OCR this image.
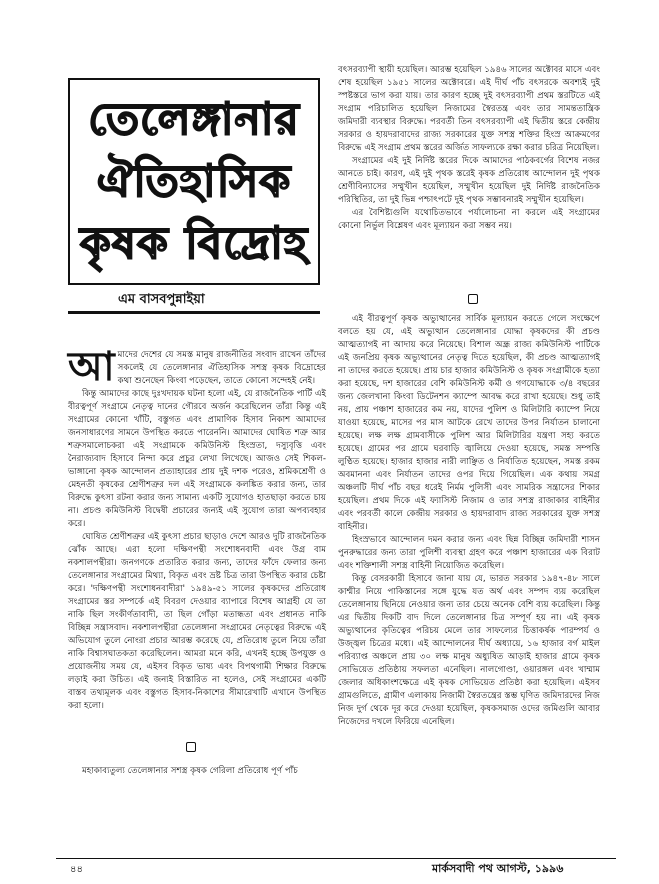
তেলেঙ্গানার
ঐতিহাসিক
কৃষক বিদ্রোহ
এম বাসবপুন্নাইয়া

আমাদের দেশের যে সমস্ত মানুষ রাজনীতির সংবাদ রাখেন তাঁদের সকলেই যে তেলেঙ্গানার ঐতিহাসিক সশস্ত্র কৃষক বিদ্রোহের কথা শুনেছেন কিংবা পড়েছেন, তাতে কোনো সন্দেহই নেই।

কিন্তু আমাদের কাছে দুঃখদায়ক ঘটনা হলো এই, যে রাজনৈতিক পার্টি এই বীরত্বপূর্ণ সংগ্রামে নেতৃত্ব দানের গৌরবে অর্জন করেছিলেন তাঁরা কিন্তু এই সংগ্রামের কোনো খাঁটি, বস্তুগত এবং প্রামাণিক হিসাব নিকাশ আমাদের জনসাধারণের সামনে উপস্থিত করতে পারেননি। আমাদের ঘোষিত শত্রু আর শত্রুসমালোচকরা এই সংগ্রামকে কমিউনিস্ট হিংস্রতা, দস্যুবৃত্তি এবং নৈরাজ্যবাদ হিসাবে নিন্দা করে প্রচুর লেখা লিখেছে। আজও সেই শিকল-ভাঙ্গানো কৃষক আন্দোলন প্রত্যাহারের প্রায় দুই দশক পরেও, শ্রমিকশ্রেণী ও মেহনতী কৃষকের শ্রেণীশত্রুর দল এই সংগ্রামকে কলঙ্কিত করার জন্য, তার বিরুদ্ধে কুৎসা রটনা করার জন্য সামান্য একটি সুযোগও হাতছাড়া করতে চায় না। প্রচণ্ড কমিউনিস্ট বিদ্বেষী প্রচারের জন্যই এই সুযোগ তারা অপব্যবহার করে।

ঘোষিত শ্রেণীশত্রুর এই কুৎসা প্রচার ছাড়াও দেশে আরও দুটি রাজনৈতিক ঝোঁক আছে। এরা হলো দক্ষিণপন্থী সংশোধনবাদী এবং উগ্র বাম নকশালপন্থীরা। জনগণকে প্রতারিত করার জন্য, তাদের ফাঁদে ফেলার জন্য তেলেঙ্গানার সংগ্রামের মিথ্যা, বিকৃত এবং ভ্রষ্ট চিত্র তারা উপস্থিত করার চেষ্টা করে। 'দক্ষিণপন্থী সংশোধনবাদীরা' ১৯৪৯-৫১ সালের কৃষকদের প্রতিরোধ সংগ্রামের স্তর সম্পর্কে এই বিবরণ দেওয়ার ব্যাপারে বিশেষ আগ্রহী যে তা নাকি ছিল সংকীর্ণতাবাদী, তা ছিল গোঁড়া মতান্ধতা এবং প্রধানত নাকি বিচ্ছিন্ন সন্ত্রাসবাদ। নকশালপন্থীরা তেলেঙ্গানা সংগ্রামের নেতৃত্বের বিরুদ্ধে এই অভিযোগ তুলে নোংরা প্রচার আরম্ভ করেছে যে, প্রতিরোধ তুলে নিয়ে তাঁরা নাকি বিশ্বাসঘাতকতা করেছিলেন। আমরা মনে করি, এখনই হচ্ছে উপযুক্ত ও প্রয়োজনীয় সময় যে, এইসব বিকৃত ভাষ্য এবং বিপথগামী শিক্ষার বিরুদ্ধে লড়াই করা উচিত। এই জন্যই বিস্তারিত না হলেও, সেই সংগ্রামের একটি বাস্তব তথ্যমূলক এবং বস্তুগত হিসাব-নিকাশের সীমারেখাটি এখানে উপস্থিত করা হলো।

মহাকাব্যতুল্য তেলেঙ্গানার সশস্ত্র কৃষক গেরিলা প্রতিরোধ পূর্ণ পাঁচ

বৎসরব্যাপী স্থায়ী হয়েছিল। আরম্ভ হয়েছিল ১৯৪৬ সালের অক্টোবর মাসে এবং শেষ হয়েছিল ১৯৫১ সালের অক্টোবরে। এই দীর্ঘ পাঁচ বৎসরকে অবশ্যই দুই স্পষ্টস্তরে ভাগ করা যায়। তার কারণ হচ্ছে দুই বৎসরব্যাপী প্রথম স্তরটিতে এই সংগ্রাম পরিচালিত হয়েছিল নিজামের স্বৈরতন্ত্র এবং তার সামন্ততান্ত্রিক জমিদারী ব্যবস্থার বিরুদ্ধে। পরবর্তী তিন বৎসরব্যাপী এই দ্বিতীয় স্তরে কেন্দ্রীয় সরকার ও হায়দরাবাদের রাজ্য সরকারের যুক্ত সশস্ত্র শক্তির হিংস্র আক্রমণের বিরুদ্ধে এই সংগ্রাম প্রথম স্তরের অর্জিত সাফল্যকে রক্ষা করার চরিত্র নিয়েছিল।

সংগ্রামের এই দুই নির্দিষ্ট স্তরের দিকে আমাদের পাঠকবর্গের বিশেষ নজর আনতে চাই। কারণ, এই দুই পৃথক স্তরেই কৃষক প্রতিরোধ আন্দোলন দুই পৃথক শ্রেণীবিন্যাসের সম্মুখীন হয়েছিল, সম্মুখীন হয়েছিল দুই নির্দিষ্ট রাজনৈতিক পরিস্থিতির, তা দুই ভিন্ন পশ্চাৎপটে দুই পৃথক সম্ভাবনারই সম্মুখীন হয়েছিল।

এর বৈশিষ্ট্যগুলি যথোচিতভাবে পর্যালোচনা না করলে এই সংগ্রামের কোনো নির্ভুল বিশ্লেষণ এবং মূল্যায়ন করা সম্ভব নয়।

এই বীরত্বপূর্ণ কৃষক অভ্যুত্থানের সার্বিক মূল্যায়ন করতে গেলে সংক্ষেপে বলতে হয় যে, এই অভ্যুত্থান তেলেঙ্গানার যোদ্ধা কৃষকদের কী প্রচণ্ড আত্মত্যাগই না আদায় করে নিয়েছে। বিশাল অন্ধ্র রাজ্য কমিউনিস্ট পার্টিকে এই জনপ্রিয় কৃষক অভ্যুত্থানের নেতৃত্ব দিতে হয়েছিল, কী প্রচণ্ড আত্মত্যাগই না তাদের করতে হয়েছে। প্রায় চার হাজার কমিউনিস্ট ও কৃষক সংগ্রামীকে হত্যা করা হয়েছে, দশ হাজারের বেশি কমিউনিস্ট কর্মী ও গণযোদ্ধাকে ৩/৪ বছরের জন্য জেলখানা কিংবা ডিটেনশন ক্যাম্পে আবদ্ধ করে রাখা হয়েছে। শুধু তাই নয়, প্রায় পঞ্চাশ হাজারের কম নয়, যাদের পুলিশ ও মিলিটারি ক্যাম্পে নিয়ে যাওয়া হয়েছে, মাসের পর মাস আটকে রেখে তাদের উপর নির্যাতন চালানো হয়েছে। লক্ষ লক্ষ গ্রামবাসীকে পুলিশ আর মিলিটারির যন্ত্রণা সহ্য করতে হয়েছে। গ্রামের পর গ্রামে ঘরবাড়ি জ্বালিয়ে দেওয়া হয়েছে, সমস্ত সম্পত্তি লুণ্ঠিত হয়েছে। হাজার হাজার নারী লাঞ্ছিত ও নির্যাতিত হয়েছেন, সমস্ত রকম অবমাননা এবং নির্যাতন তাদের ওপর দিয়ে গিয়েছিল। এক কথায় সমগ্র অঞ্চলটি দীর্ঘ পাঁচ বছর ধরেই নির্মম পুলিসী এবং সামরিক সন্ত্রাসের শিকার হয়েছিল। প্রথম দিকে এই ফ্যাসিস্ট নিজাম ও তার সশস্ত্র রাজাকার বাহিনীর এবং পরবর্তী কালে কেন্দ্রীয় সরকার ও হায়দরাবাদ রাজ্য সরকারের যুক্ত সশস্ত্র বাহিনীর।

হিংস্রভাবে আন্দোলন দমন করার জন্য এবং ছিন্ন বিচ্ছিন্ন জমিদারী শাসন পুনরুদ্ধারের জন্য তারা পুলিশী ব্যবস্থা গ্রহণ করে পঞ্চাশ হাজারের এক বিরাট এবং শক্তিশালী সশস্ত্র বাহিনী নিয়োজিত করেছিল।

কিন্তু বেসরকারী হিসাবে জানা যায় যে, ভারত সরকার ১৯৪৭-৪৮ সালে কাশ্মীর নিয়ে পাকিস্তানের সঙ্গে যুদ্ধে যত অর্থ এবং সম্পদ ব্যয় করেছিল তেলেঙ্গানায় ছিনিয়ে নেওয়ার জন্য তার চেয়ে অনেক বেশি ব্যয় করেছিল। কিন্তু এর দ্বিতীয় দিকটি বাদ দিলে তেলেঙ্গানার চিত্র সম্পূর্ণ হয় না। এই কৃষক অভ্যুত্থানের কৃতিত্বের পরিচয় মেলে তার সাফল্যের চিত্তাকর্ষক পারম্পর্য ও উজ্জ্বল চিত্রের মধ্যে। এই আন্দোলনের দীর্ঘ অধ্যায়ে, ১৬ হাজার বর্গ মাইল পরিব্যাপ্ত অঞ্চলে প্রায় ৩০ লক্ষ মানুষ অধ্যুষিত আড়াই হাজার গ্রামে কৃষক সোভিয়েত প্রতিষ্ঠায় সফলতা এনেছিল। নালগোণ্ডা, ওয়ারঙ্গল এবং খাম্মাম জেলার অধিকাংশক্ষেত্রে এই কৃষক সোভিয়েত প্রতিষ্ঠা করা হয়েছিল। এইসব গ্রামগুলিতে, গ্রামীণ এলাকায় নিজামী স্বৈরতন্ত্রের স্তম্ভ ঘৃণিত জমিদারদের নিজ নিজ দুর্গ থেকে দূর করে দেওয়া হয়েছিল, কৃষকসমাজ ওদের জমিগুলি আবার নিজেদের দখলে ফিরিয়ে এনেছিল।

৪৪	মার্কসবাদী পথ আগস্ট, ১৯৯৬
